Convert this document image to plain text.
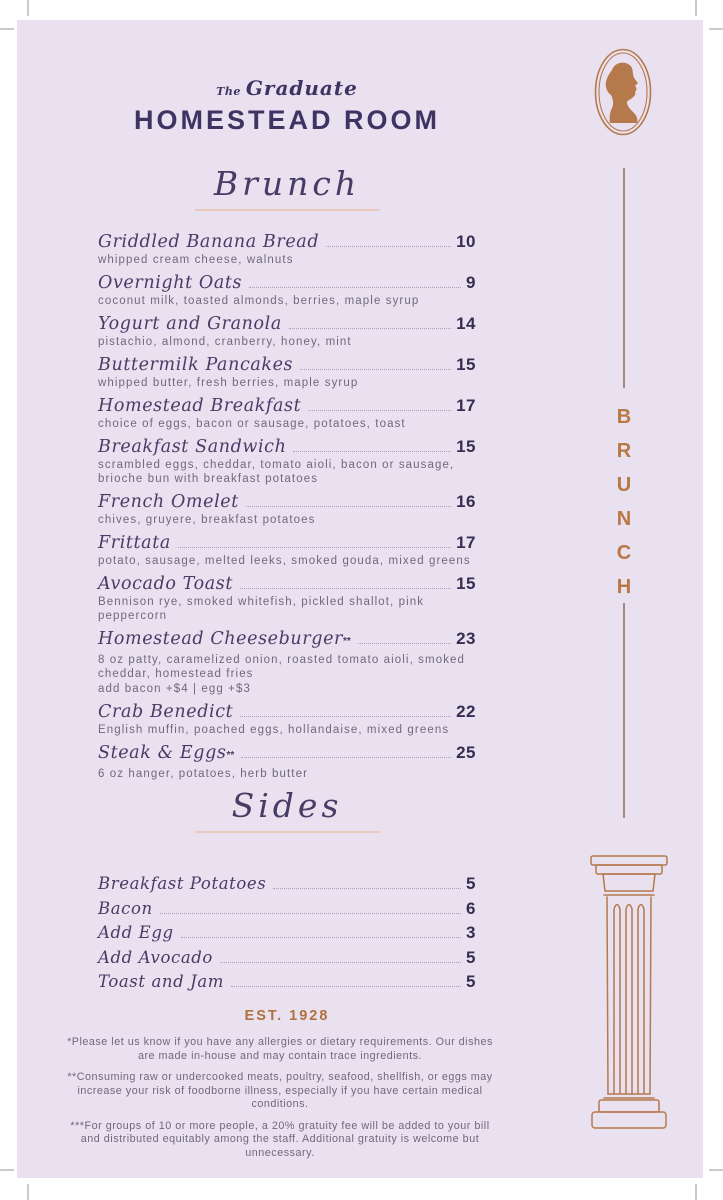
The Graduate
HOMESTEAD ROOM
B
R
U
N
C
H
Brunch
Griddled Banana Bread	10
whipped cream cheese, walnuts
Overnight Oats	9
coconut milk, toasted almonds, berries, maple syrup
Yogurt and Granola	14
pistachio, almond, cranberry, honey, mint
Buttermilk Pancakes	15
whipped butter, fresh berries, maple syrup
Homestead Breakfast	17
choice of eggs, bacon or sausage, potatoes, toast
Breakfast Sandwich	15
scrambled eggs, cheddar, tomato aioli, bacon or sausage, brioche bun with breakfast potatoes
French Omelet	16
chives, gruyere, breakfast potatoes
Frittata	17
potato, sausage, melted leeks, smoked gouda, mixed greens
Avocado Toast	15
Bennison rye, smoked whitefish, pickled shallot, pink peppercorn
Homestead Cheeseburger **	23
8 oz patty, caramelized onion, roasted tomato aioli, smoked cheddar, homestead fries
add bacon +$4 | egg +$3
Crab Benedict	22
English muffin, poached eggs, hollandaise, mixed greens
Steak & Eggs **	25
6 oz hanger, potatoes, herb butter
Sides
Breakfast Potatoes	5
Bacon	6
Add Egg	3
Add Avocado	5
Toast and Jam	5
EST. 1928
*Please let us know if you have any allergies or dietary requirements. Our dishes are made in-house and may contain trace ingredients.
**Consuming raw or undercooked meats, poultry, seafood, shellfish, or eggs may increase your risk of foodborne illness, especially if you have certain medical conditions.
***For groups of 10 or more people, a 20% gratuity fee will be added to your bill and distributed equitably among the staff. Additional gratuity is welcome but unnecessary.
